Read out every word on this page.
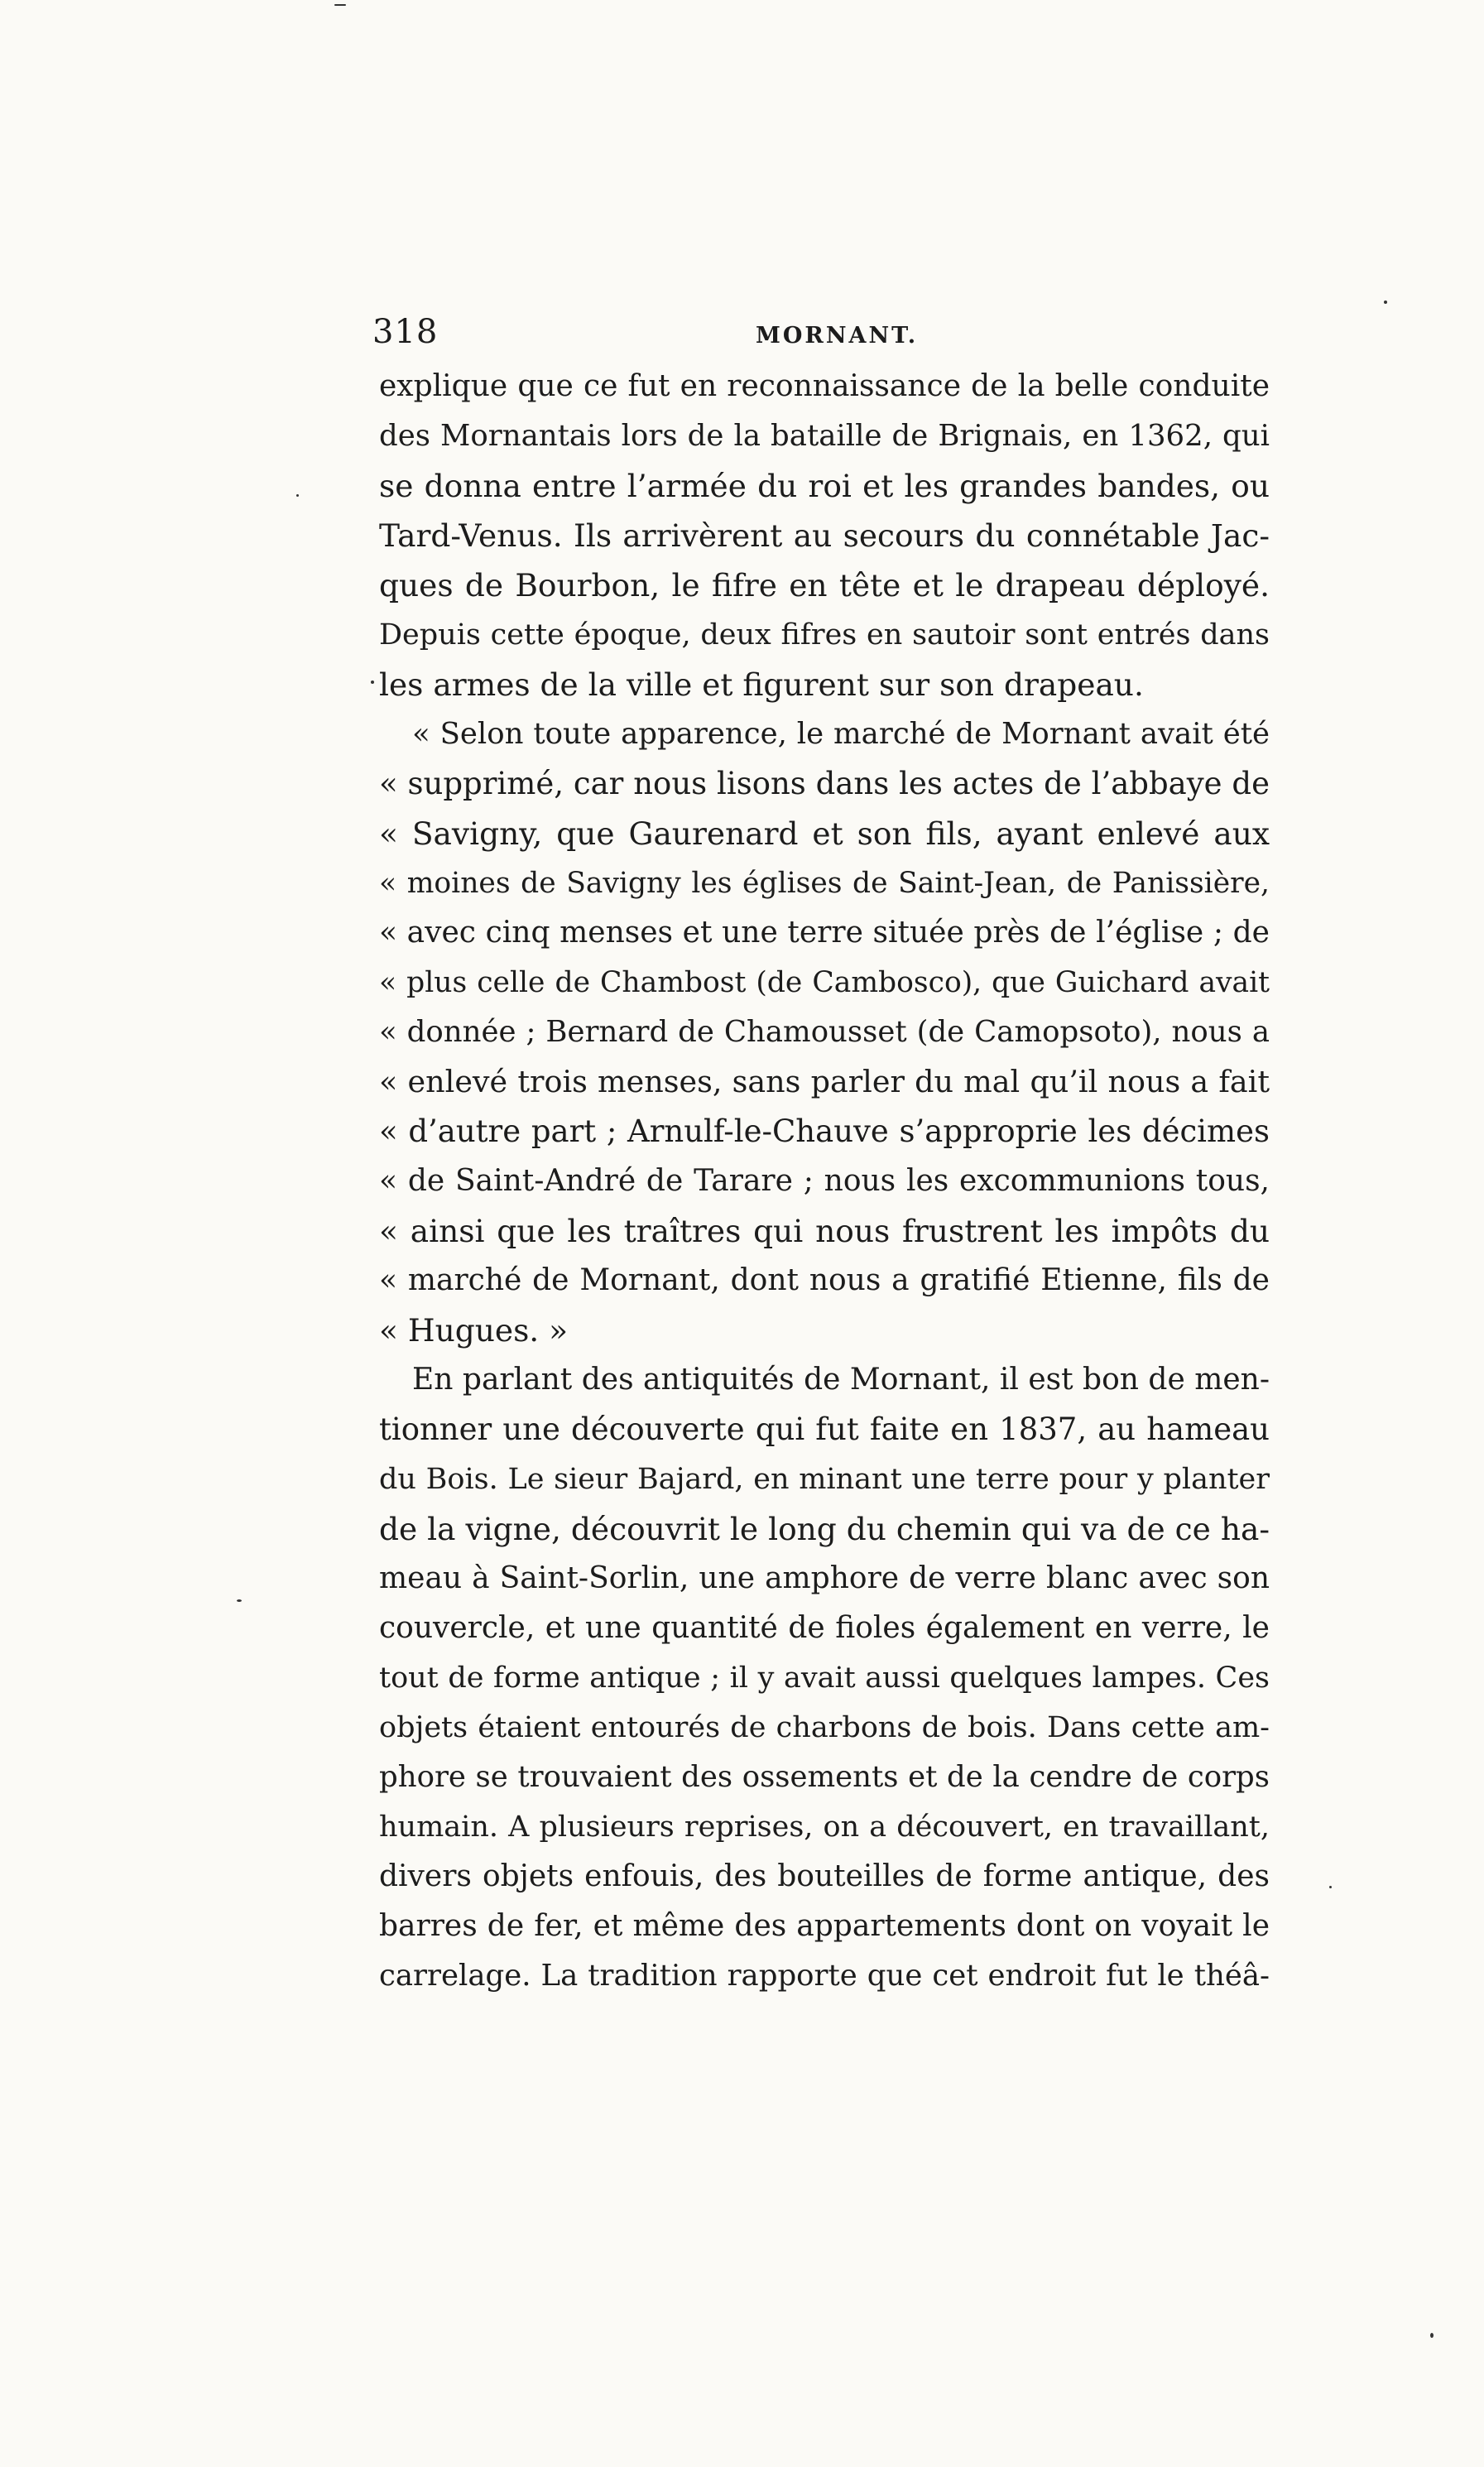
318	MORNANT.
explique que ce fut en reconnaissance de la belle conduite
des Mornantais lors de la bataille de Brignais, en 1362, qui
se donna entre l’armée du roi et les grandes bandes, ou
Tard-Venus. Ils arrivèrent au secours du connétable Jac-
ques de Bourbon, le fifre en tête et le drapeau déployé.
Depuis cette époque, deux fifres en sautoir sont entrés dans
les armes de la ville et figurent sur son drapeau.
« Selon toute apparence, le marché de Mornant avait été
« supprimé, car nous lisons dans les actes de l’abbaye de
« Savigny, que Gaurenard et son fils, ayant enlevé aux
« moines de Savigny les églises de Saint-Jean, de Panissière,
« avec cinq menses et une terre située près de l’église ; de
« plus celle de Chambost (de Cambosco), que Guichard avait
« donnée ; Bernard de Chamousset (de Camopsoto), nous a
« enlevé trois menses, sans parler du mal qu’il nous a fait
« d’autre part ; Arnulf-le-Chauve s’approprie les décimes
« de Saint-André de Tarare ; nous les excommunions tous,
« ainsi que les traîtres qui nous frustrent les impôts du
« marché de Mornant, dont nous a gratifié Etienne, fils de
« Hugues. »
En parlant des antiquités de Mornant, il est bon de men-
tionner une découverte qui fut faite en 1837, au hameau
du Bois. Le sieur Bajard, en minant une terre pour y planter
de la vigne, découvrit le long du chemin qui va de ce ha-
meau à Saint-Sorlin, une amphore de verre blanc avec son
couvercle, et une quantité de fioles également en verre, le
tout de forme antique ; il y avait aussi quelques lampes. Ces
objets étaient entourés de charbons de bois. Dans cette am-
phore se trouvaient des ossements et de la cendre de corps
humain. A plusieurs reprises, on a découvert, en travaillant,
divers objets enfouis, des bouteilles de forme antique, des
barres de fer, et même des appartements dont on voyait le
carrelage. La tradition rapporte que cet endroit fut le théâ-
